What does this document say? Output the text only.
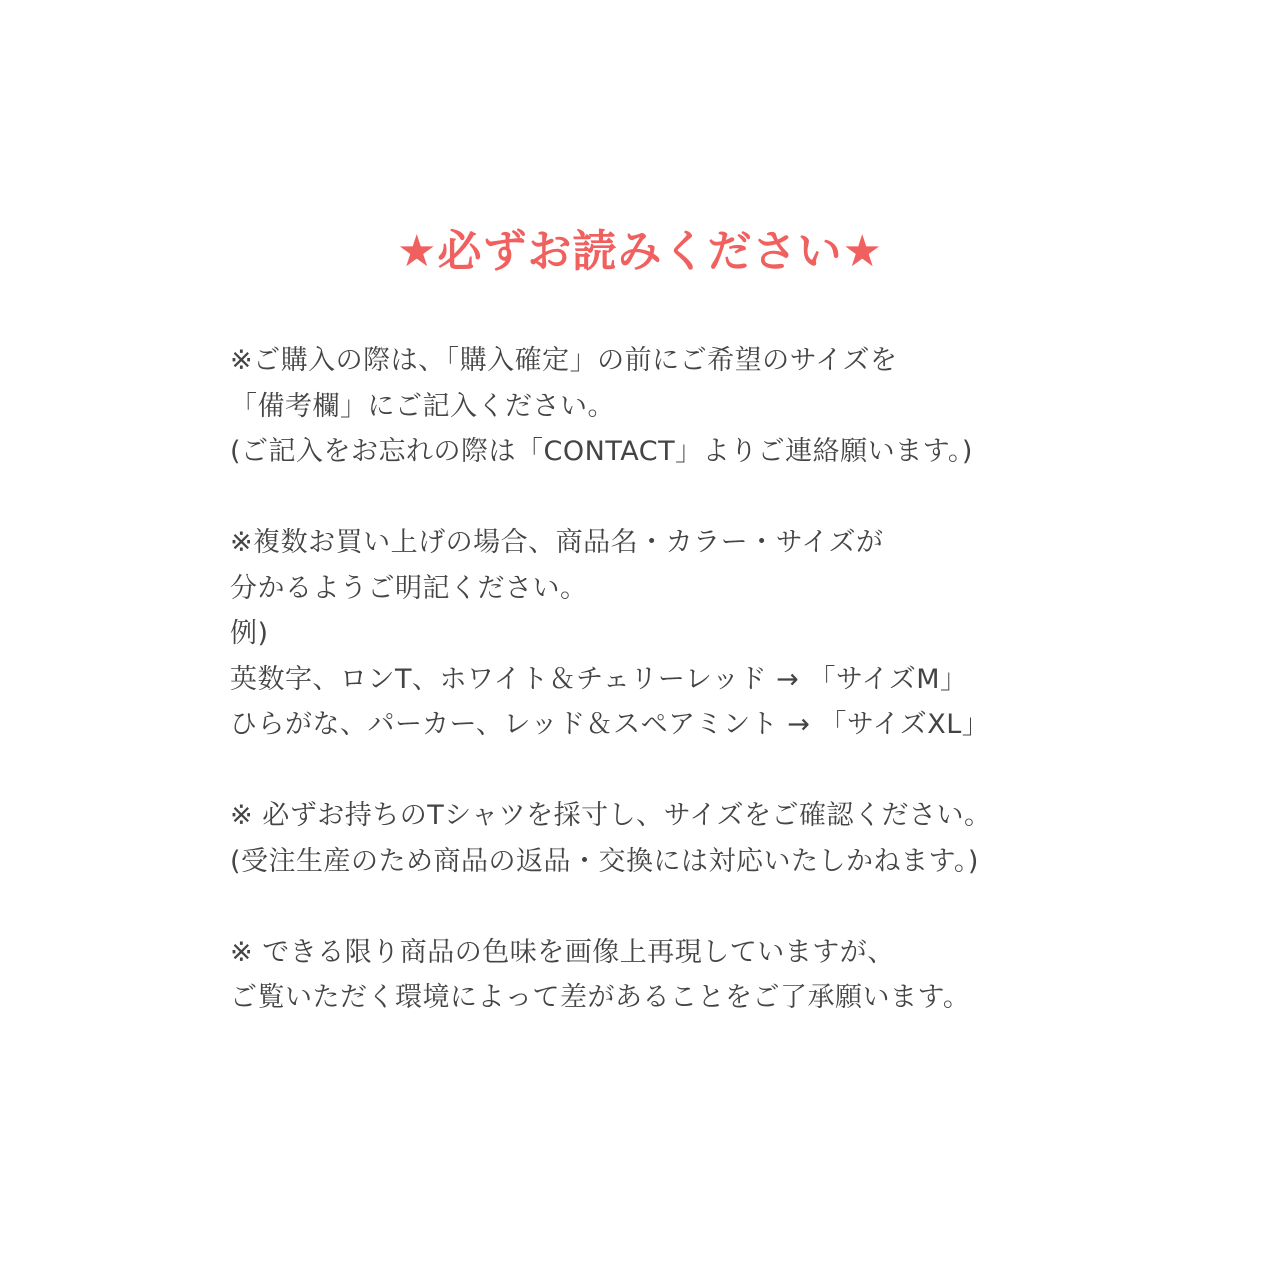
★必ずお読みください★
※ご購入の際は、「購入確定」の前にご希望のサイズを
「備考欄」にご記入ください。
(ご記入をお忘れの際は「CONTACT」よりご連絡願います。)
※複数お買い上げの場合、商品名・カラー・サイズが
分かるようご明記ください。
例)
英数字、ロンT、ホワイト＆チェリーレッド → 「サイズM」
ひらがな、パーカー、レッド＆スペアミント → 「サイズXL」
※ 必ずお持ちのTシャツを採寸し、サイズをご確認ください。
(受注生産のため商品の返品・交換には対応いたしかねます。)
※ できる限り商品の色味を画像上再現していますが、
ご覧いただく環境によって差があることをご了承願います。
